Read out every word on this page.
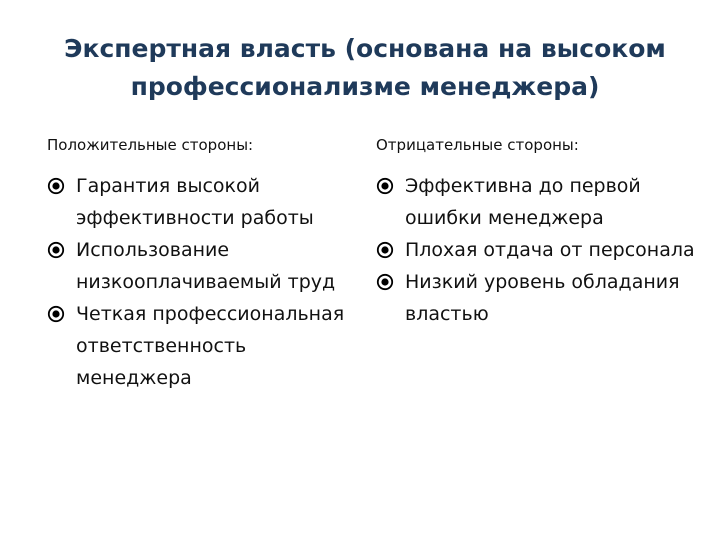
Экспертная власть (основана на высоком профессионализме менеджера)
Положительные стороны:
Гарантия высокой эффективности работы
Использование низкооплачиваемый труд
Четкая профессиональная ответственность менеджера
Отрицательные стороны:
Эффективна до первой ошибки менеджера
Плохая отдача от персонала
Низкий уровень обладания властью
